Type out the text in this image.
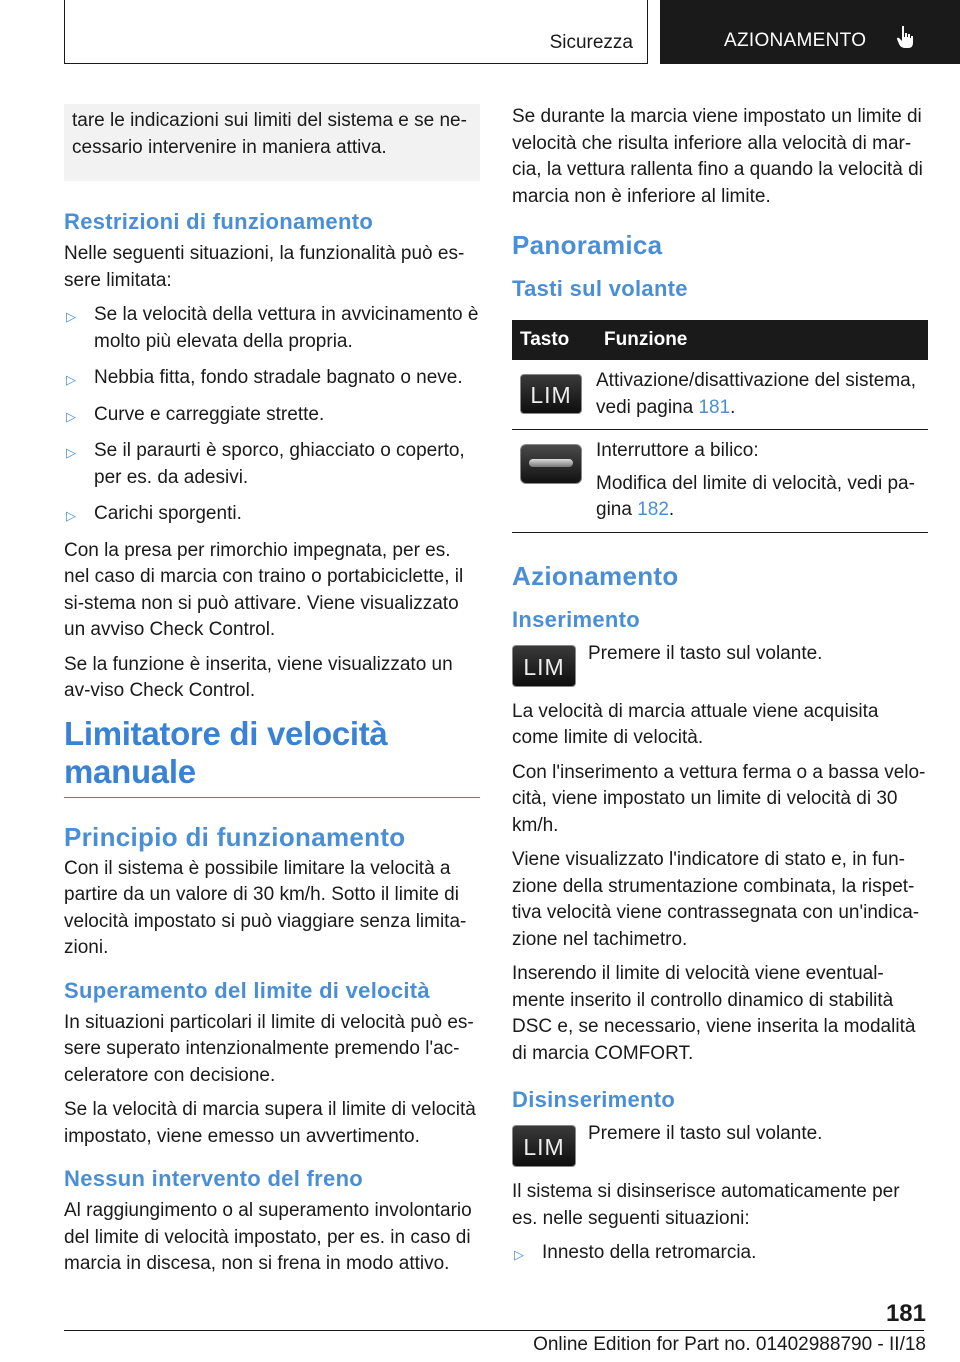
Sicurezza	AZIONAMENTO

tare le indicazioni sui limiti del sistema e se ne-cessario intervenire in maniera attiva.

Restrizioni di funzionamento

Nelle seguenti situazioni, la funzionalità può es-sere limitata:

▷ Se la velocità della vettura in avvicinamento è molto più elevata della propria.
▷ Nebbia fitta, fondo stradale bagnato o neve.
▷ Curve e carreggiate strette.
▷ Se il paraurti è sporco, ghiacciato o coperto, per es. da adesivi.
▷ Carichi sporgenti.

Con la presa per rimorchio impegnata, per es. nel caso di marcia con traino o portabiciclette, il si-stema non si può attivare. Viene visualizzato un avviso Check Control.

Se la funzione è inserita, viene visualizzato un av-viso Check Control.

Limitatore di velocità manuale
Principio di funzionamento

Con il sistema è possibile limitare la velocità a partire da un valore di 30 km/h. Sotto il limite di velocità impostato si può viaggiare senza limita-zioni.

Superamento del limite di velocità

In situazioni particolari il limite di velocità può es-sere superato intenzionalmente premendo l'ac-celeratore con decisione.

Se la velocità di marcia supera il limite di velocità impostato, viene emesso un avvertimento.

Nessun intervento del freno

Al raggiungimento o al superamento involontario del limite di velocità impostato, per es. in caso di marcia in discesa, non si frena in modo attivo.

Se durante la marcia viene impostato un limite di velocità che risulta inferiore alla velocità di mar-cia, la vettura rallenta fino a quando la velocità di marcia non è inferiore al limite.

Panoramica
Tasti sul volante
Tasto	Funzione
LIM	Attivazione/disattivazione del sistema, vedi pagina 181.

	Interruttore a bilico:

Modifica del limite di velocità, vedi pa-gina 182.
Azionamento
Inserimento
LIM

Premere il tasto sul volante.

La velocità di marcia attuale viene acquisita come limite di velocità.

Con l'inserimento a vettura ferma o a bassa velo-cità, viene impostato un limite di velocità di 30 km/h.

Viene visualizzato l'indicatore di stato e, in fun-zione della strumentazione combinata, la rispet-tiva velocità viene contrassegnata con un'indica-zione nel tachimetro.

Inserendo il limite di velocità viene eventual-mente inserito il controllo dinamico di stabilità DSC e, se necessario, viene inserita la modalità di marcia COMFORT.

Disinserimento
LIM

Premere il tasto sul volante.

Il sistema si disinserisce automaticamente per es. nelle seguenti situazioni:

▷ Innesto della retromarcia.
181
Online Edition for Part no. 01402988790 - II/18
